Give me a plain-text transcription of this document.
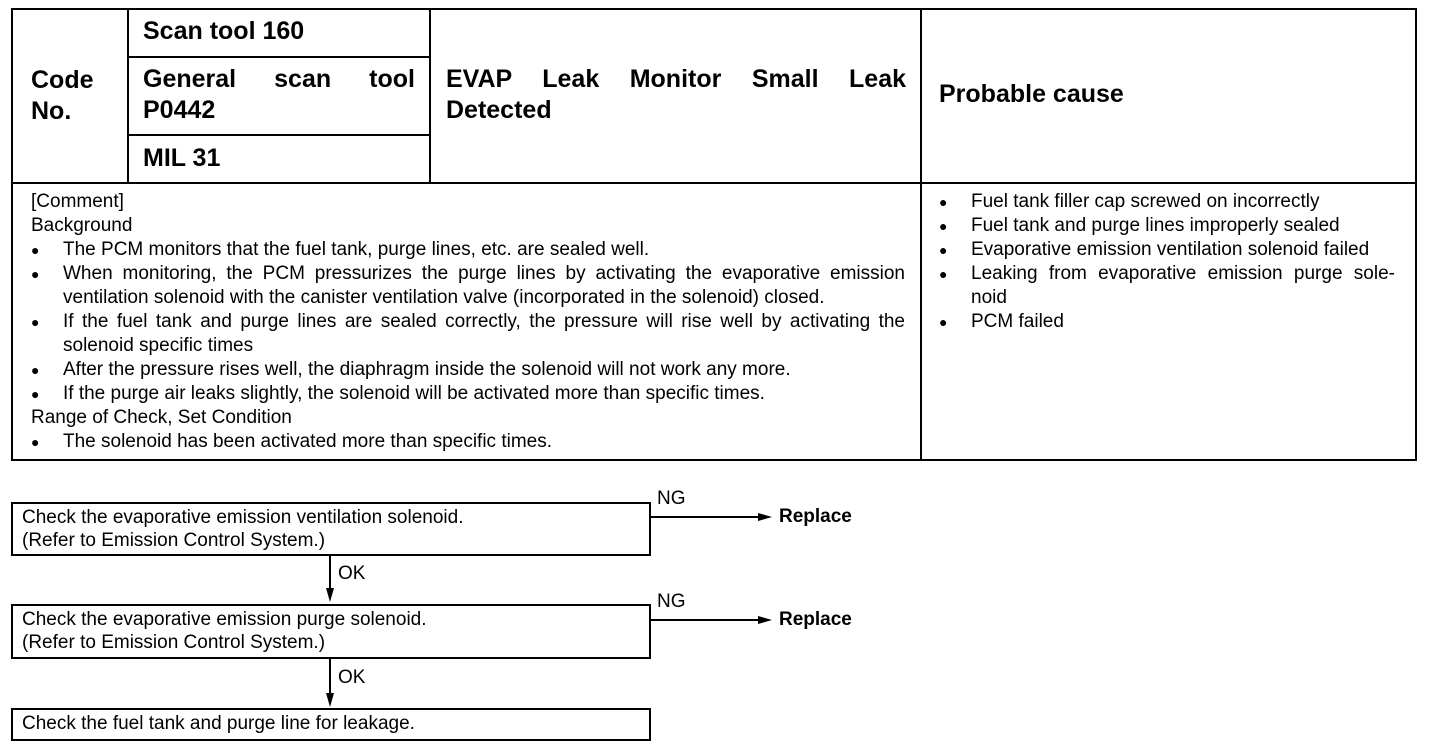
Code No.
Scan tool 160
General scan tool P0442
MIL 31
EVAP Leak Monitor Small Leak Detected
Probable cause
[Comment]
Background
● The PCM monitors that the fuel tank, purge lines, etc. are sealed well.
● When monitoring, the PCM pressurizes the purge lines by activating the evaporative emission ventilation solenoid with the canister ventilation valve (incorporated in the solenoid) closed.
● If the fuel tank and purge lines are sealed correctly, the pressure will rise well by activating the solenoid specific times
● After the pressure rises well, the diaphragm inside the solenoid will not work any more.
● If the purge air leaks slightly, the solenoid will be activated more than specific times.
Range of Check, Set Condition
● The solenoid has been activated more than specific times.
● Fuel tank filler cap screwed on incorrectly
● Fuel tank and purge lines improperly sealed
● Evaporative emission ventilation solenoid failed
● Leaking from evaporative emission purge sole-noid
● PCM failed
Check the evaporative emission ventilation solenoid.
(Refer to Emission Control System.)
Check the evaporative emission purge solenoid.
(Refer to Emission Control System.)
Check the fuel tank and purge line for leakage.
NG
Replace
NG
Replace
OK
OK
